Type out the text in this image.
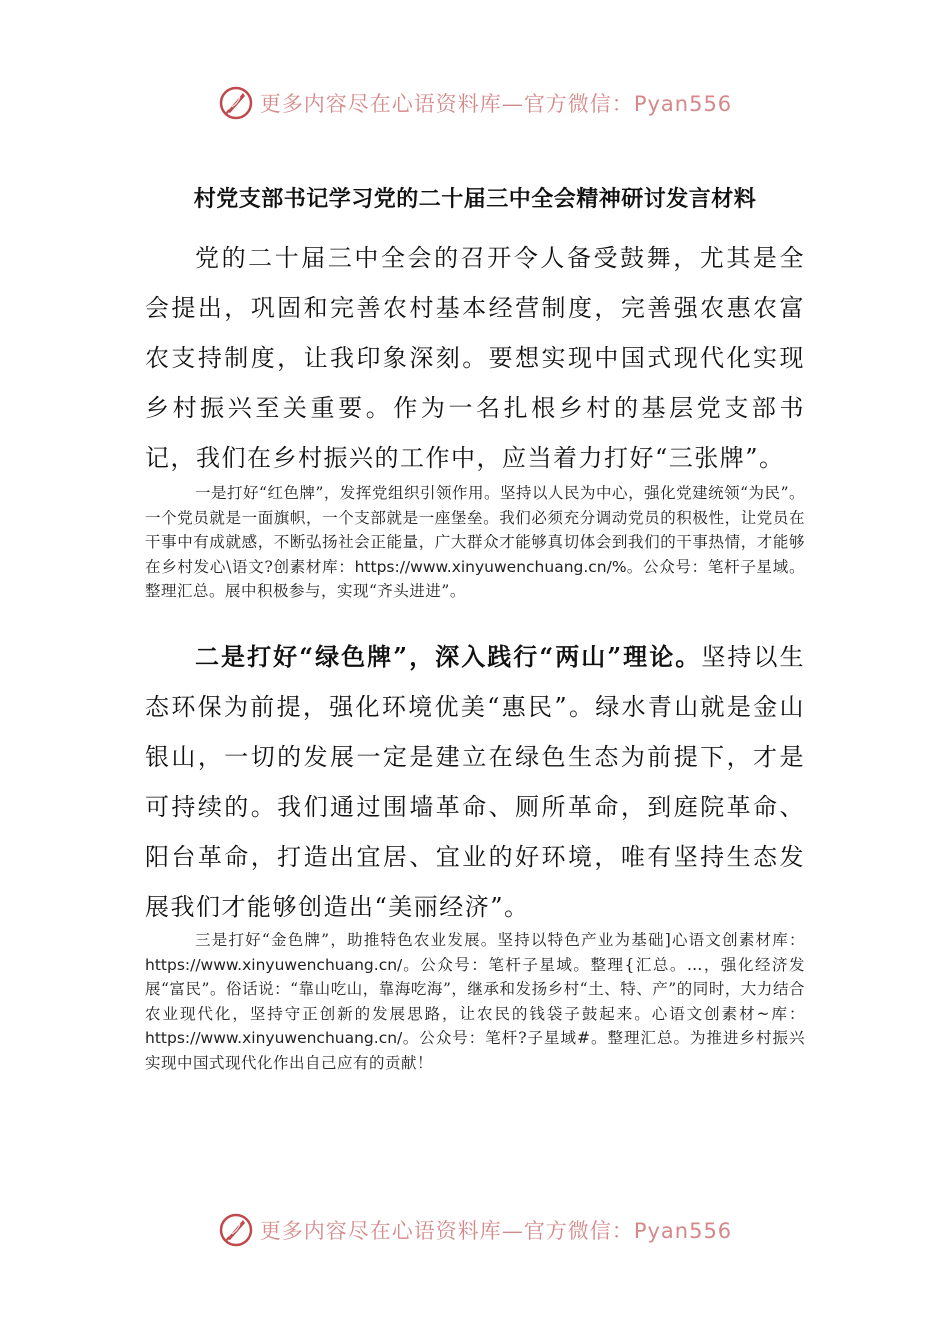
更多内容尽在心语资料库—官方微信：Pyan556
村党支部书记学习党的二十届三中全会精神研讨发言材料

党的二十届三中全会的召开令人备受鼓舞，尤其是全会提出，巩固和完善农村基本经营制度，完善强农惠农富农支持制度，让我印象深刻。要想实现中国式现代化实现乡村振兴至关重要。作为一名扎根乡村的基层党支部书记，我们在乡村振兴的工作中，应当着力打好“三张牌”。

一是打好“红色牌”，发挥党组织引领作用。坚持以人民为中心，强化党建统领“为民”。一个党员就是一面旗帜，一个支部就是一座堡垒。我们必须充分调动党员的积极性，让党员在干事中有成就感，不断弘扬社会正能量，广大群众才能够真切体会到我们的干事热情，才能够在乡村发心\语文?创素材库：https://www.xinyuwenchuang.cn/%。公众号：笔杆子星域。整理汇总。展中积极参与，实现“齐头进进”。

二是打好“绿色牌”，深入践行“两山”理论。坚持以生态环保为前提，强化环境优美“惠民”。绿水青山就是金山银山，一切的发展一定是建立在绿色生态为前提下，才是可持续的。我们通过围墙革命、厕所革命，到庭院革命、阳台革命，打造出宜居、宜业的好环境，唯有坚持生态发展我们才能够创造出“美丽经济”。

三是打好“金色牌”，助推特色农业发展。坚持以特色产业为基础]心语文创素材库：https://www.xinyuwenchuang.cn/。公众号：笔杆子星域。整理{汇总。…，强化经济发展“富民”。俗话说：“靠山吃山，靠海吃海”，继承和发扬乡村“土、特、产”的同时，大力结合农业现代化，坚持守正创新的发展思路，让农民的钱袋子鼓起来。心语文创素材~库：https://www.xinyuwenchuang.cn/。公众号：笔杆?子星域#。整理汇总。为推进乡村振兴实现中国式现代化作出自己应有的贡献！

更多内容尽在心语资料库—官方微信：Pyan556
